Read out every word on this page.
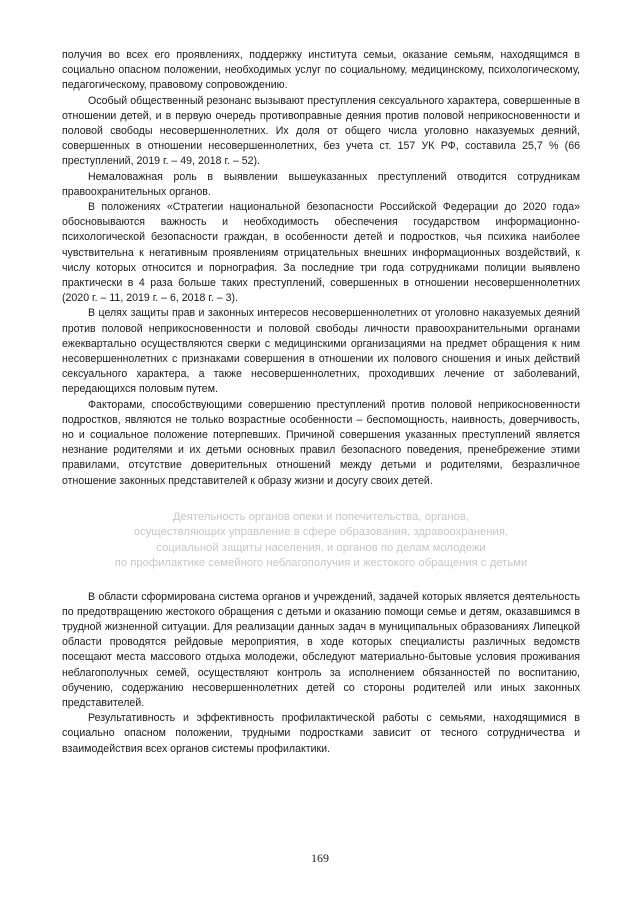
получия во всех его проявлениях, поддержку института семьи, оказание семьям, находящимся в социально опасном положении, необходимых услуг по социальному, медицинскому, психологическому, педагогическому, правовому сопровождению.

Особый общественный резонанс вызывают преступления сексуального характера, совершенные в отношении детей, и в первую очередь противоправные деяния против половой неприкосновенности и половой свободы несовершеннолетних. Их доля от общего числа уголовно наказуемых деяний, совершенных в отношении несовершеннолетних, без учета ст. 157 УК РФ, составила 25,7 % (66 преступлений, 2019 г. – 49, 2018 г. – 52).

Немаловажная роль в выявлении вышеуказанных преступлений отводится сотрудникам правоохранительных органов.

В положениях «Стратегии национальной безопасности Российской Федерации до 2020 года» обосновываются важность и необходимость обеспечения государством информационно-психологической безопасности граждан, в особенности детей и подростков, чья психика наиболее чувствительна к негативным проявлениям отрицательных внешних информационных воздействий, к числу которых относится и порнография. За последние три года сотрудниками полиции выявлено практически в 4 раза больше таких преступлений, совершенных в отношении несовершеннолетних (2020 г. – 11, 2019 г. – 6, 2018 г. – 3).

В целях защиты прав и законных интересов несовершеннолетних от уголовно наказуемых деяний против половой неприкосновенности и половой свободы личности правоохранительными органами ежеквартально осуществляются сверки с медицинскими организациями на предмет обращения к ним несовершеннолетних с признаками совершения в отношении их полового сношения и иных действий сексуального характера, а также несовершеннолетних, проходивших лечение от заболеваний, передающихся половым путем.

Факторами, способствующими совершению преступлений против половой неприкосновенности подростков, являются не только возрастные особенности – беспомощность, наивность, доверчивость, но и социальное положение потерпевших. Причиной совершения указанных преступлений является незнание родителями и их детьми основных правил безопасного поведения, пренебрежение этими правилами, отсутствие доверительных отношений между детьми и родителями, безразличное отношение законных представителей к образу жизни и досугу своих детей.

Деятельность органов опеки и попечительства, органов,
осуществляющих управление в сфере образования, здравоохранения,
социальной защиты населения, и органов по делам молодежи
по профилактике семейного неблагополучия и жестокого обращения с детьми

В области сформирована система органов и учреждений, задачей которых является деятельность по предотвращению жестокого обращения с детьми и оказанию помощи семье и детям, оказавшимся в трудной жизненной ситуации. Для реализации данных задач в муниципальных образованиях Липецкой области проводятся рейдовые мероприятия, в ходе которых специалисты различных ведомств посещают места массового отдыха молодежи, обследуют материально-бытовые условия проживания неблагополучных семей, осуществляют контроль за исполнением обязанностей по воспитанию, обучению, содержанию несовершеннолетних детей со стороны родителей или иных законных представителей.

Результативность и эффективность профилактической работы с семьями, находящимися в социально опасном положении, трудными подростками зависит от тесного сотрудничества и взаимодействия всех органов системы профилактики.

169
